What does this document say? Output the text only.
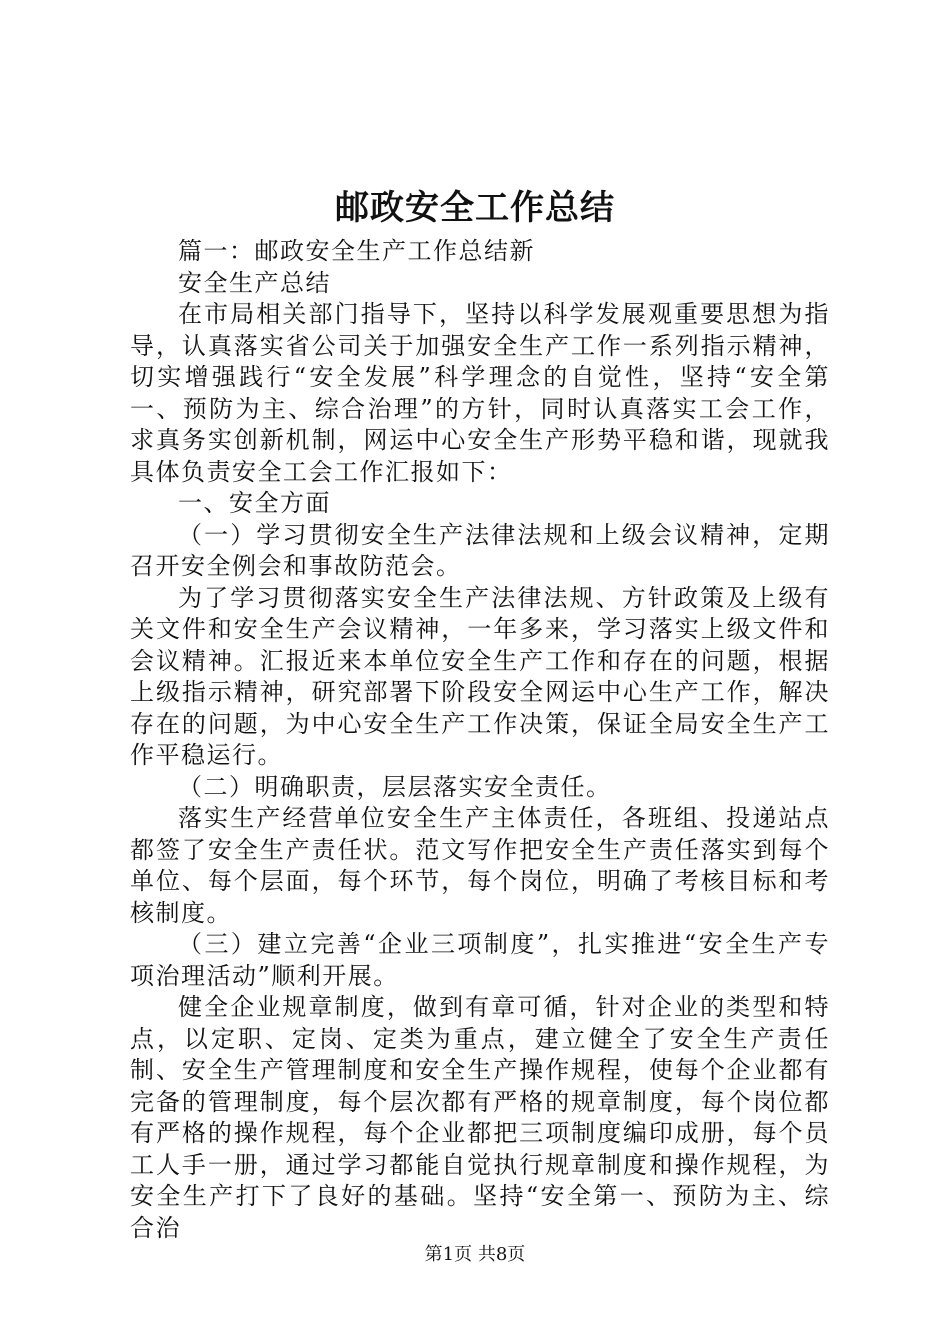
邮政安全工作总结

篇一：邮政安全生产工作总结新

安全生产总结

在市局相关部门指导下，坚持以科学发展观重要思想为指导，认真落实省公司关于加强安全生产工作一系列指示精神，切实增强践行“安全发展”科学理念的自觉性，坚持“安全第一、预防为主、综合治理”的方针，同时认真落实工会工作，求真务实创新机制，网运中心安全生产形势平稳和谐，现就我具体负责安全工会工作汇报如下：

一、安全方面

（一）学习贯彻安全生产法律法规和上级会议精神，定期召开安全例会和事故防范会。

为了学习贯彻落实安全生产法律法规、方针政策及上级有关文件和安全生产会议精神，一年多来，学习落实上级文件和会议精神。汇报近来本单位安全生产工作和存在的问题，根据上级指示精神，研究部署下阶段安全网运中心生产工作，解决存在的问题，为中心安全生产工作决策，保证全局安全生产工作平稳运行。

（二）明确职责，层层落实安全责任。

落实生产经营单位安全生产主体责任，各班组、投递站点都签了安全生产责任状。范文写作把安全生产责任落实到每个单位、每个层面，每个环节，每个岗位，明确了考核目标和考核制度。

（三）建立完善“企业三项制度”，扎实推进“安全生产专项治理活动”顺利开展。

健全企业规章制度，做到有章可循，针对企业的类型和特点，以定职、定岗、定类为重点，建立健全了安全生产责任制、安全生产管理制度和安全生产操作规程，使每个企业都有完备的管理制度，每个层次都有严格的规章制度，每个岗位都有严格的操作规程，每个企业都把三项制度编印成册，每个员工人手一册，通过学习都能自觉执行规章制度和操作规程，为安全生产打下了良好的基础。坚持“安全第一、预防为主、综合治

第1页 共8页
